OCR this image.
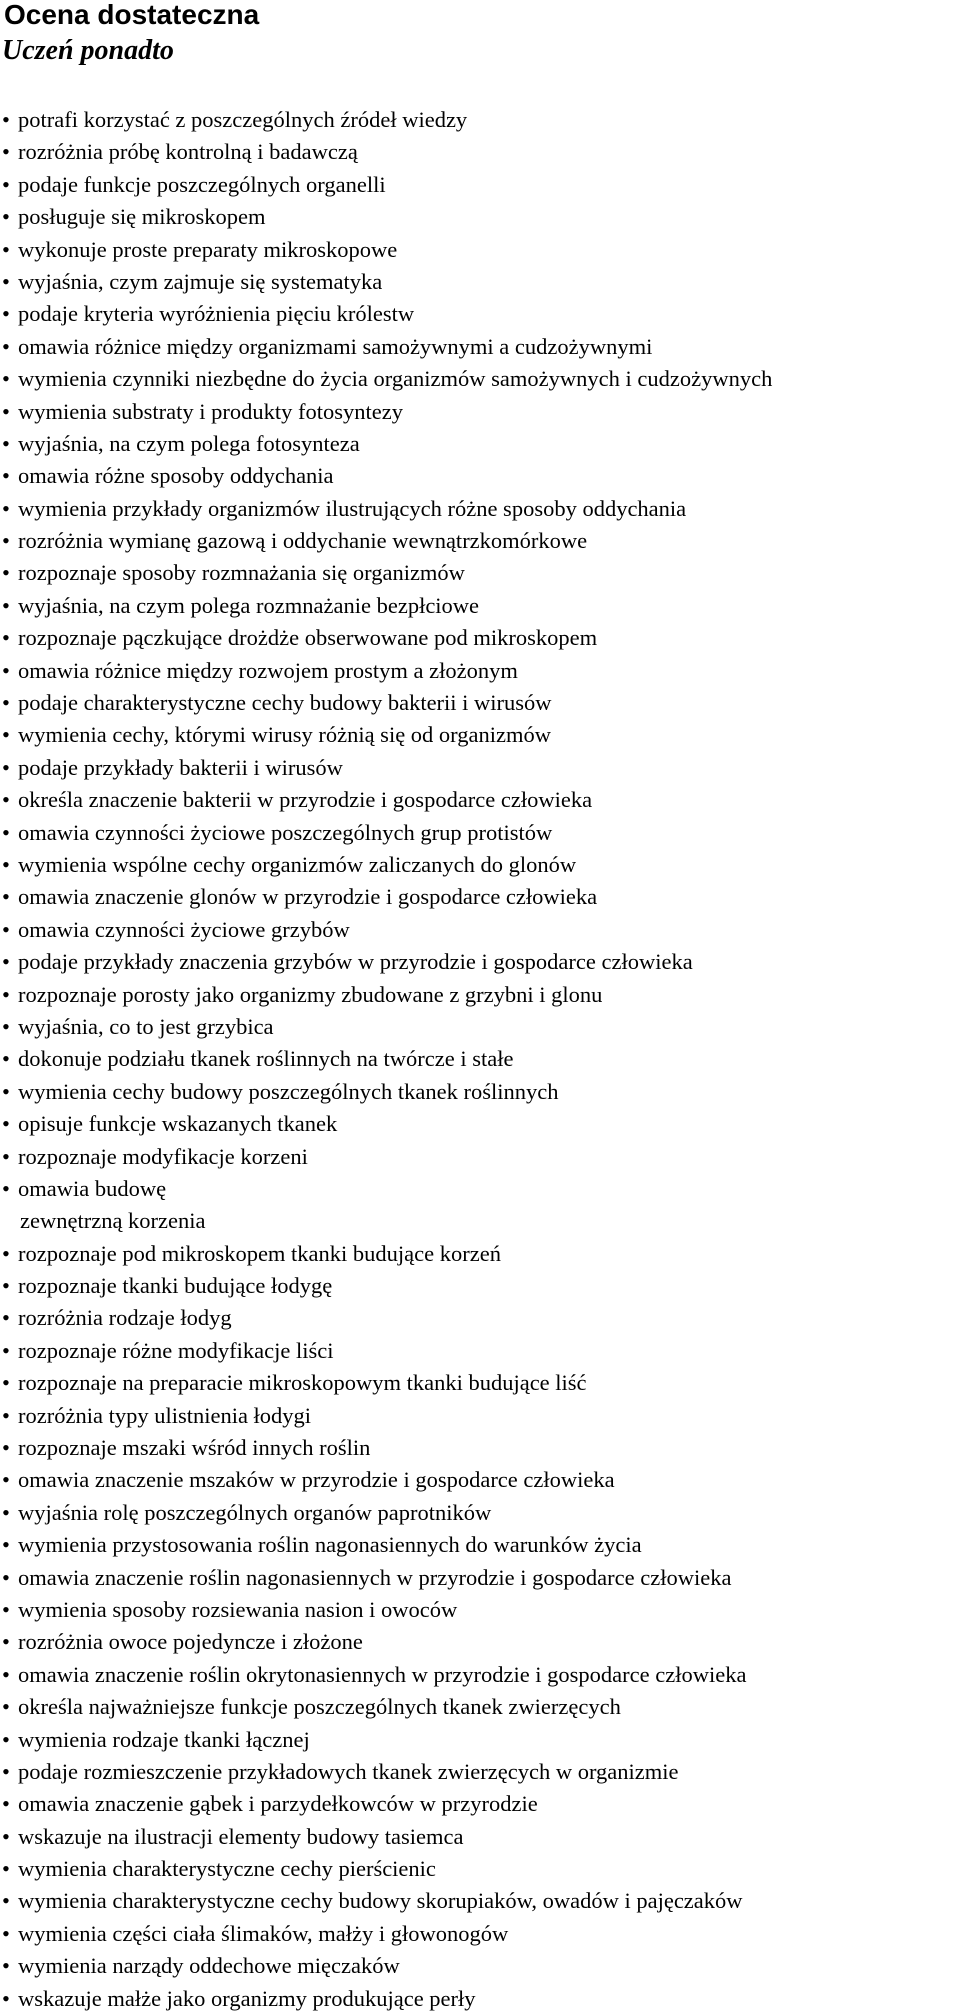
Ocena dostateczna
Uczeń ponadto
• potrafi korzystać z poszczególnych źródeł wiedzy
• rozróżnia próbę kontrolną i badawczą
• podaje funkcje poszczególnych organelli
• posługuje się mikroskopem
• wykonuje proste preparaty mikroskopowe
• wyjaśnia, czym zajmuje się systematyka
• podaje kryteria wyróżnienia pięciu królestw
• omawia różnice między organizmami samożywnymi a cudzożywnymi
• wymienia czynniki niezbędne do życia organizmów samożywnych i cudzożywnych
• wymienia substraty i produkty fotosyntezy
• wyjaśnia, na czym polega fotosynteza
• omawia różne sposoby oddychania
• wymienia przykłady organizmów ilustrujących różne sposoby oddychania
• rozróżnia wymianę gazową i oddychanie wewnątrzkomórkowe
• rozpoznaje sposoby rozmnażania się organizmów
• wyjaśnia, na czym polega rozmnażanie bezpłciowe
• rozpoznaje pączkujące drożdże obserwowane pod mikroskopem
• omawia różnice między rozwojem prostym a złożonym
• podaje charakterystyczne cechy budowy bakterii i wirusów
• wymienia cechy, którymi wirusy różnią się od organizmów
• podaje przykłady bakterii i wirusów
• określa znaczenie bakterii w przyrodzie i gospodarce człowieka
• omawia czynności życiowe poszczególnych grup protistów
• wymienia wspólne cechy organizmów zaliczanych do glonów
• omawia znaczenie glonów w przyrodzie i gospodarce człowieka
• omawia czynności życiowe grzybów
• podaje przykłady znaczenia grzybów w przyrodzie i gospodarce człowieka
• rozpoznaje porosty jako organizmy zbudowane z grzybni i glonu
• wyjaśnia, co to jest grzybica
• dokonuje podziału tkanek roślinnych na twórcze i stałe
• wymienia cechy budowy poszczególnych tkanek roślinnych
• opisuje funkcje wskazanych tkanek
• rozpoznaje modyfikacje korzeni
• omawia budowę
zewnętrzną korzenia
• rozpoznaje pod mikroskopem tkanki budujące korzeń
• rozpoznaje tkanki budujące łodygę
• rozróżnia rodzaje łodyg
• rozpoznaje różne modyfikacje liści
• rozpoznaje na preparacie mikroskopowym tkanki budujące liść
• rozróżnia typy ulistnienia łodygi
• rozpoznaje mszaki wśród innych roślin
• omawia znaczenie mszaków w przyrodzie i gospodarce człowieka
• wyjaśnia rolę poszczególnych organów paprotników
• wymienia przystosowania roślin nagonasiennych do warunków życia
• omawia znaczenie roślin nagonasiennych w przyrodzie i gospodarce człowieka
• wymienia sposoby rozsiewania nasion i owoców
• rozróżnia owoce pojedyncze i złożone
• omawia znaczenie roślin okrytonasiennych w przyrodzie i gospodarce człowieka
• określa najważniejsze funkcje poszczególnych tkanek zwierzęcych
• wymienia rodzaje tkanki łącznej
• podaje rozmieszczenie przykładowych tkanek zwierzęcych w organizmie
• omawia znaczenie gąbek i parzydełkowców w przyrodzie
• wskazuje na ilustracji elementy budowy tasiemca
• wymienia charakterystyczne cechy pierścienic
• wymienia charakterystyczne cechy budowy skorupiaków, owadów i pajęczaków
• wymienia części ciała ślimaków, małży i głowonogów
• wymienia narządy oddechowe mięczaków
• wskazuje małże jako organizmy produkujące perły
